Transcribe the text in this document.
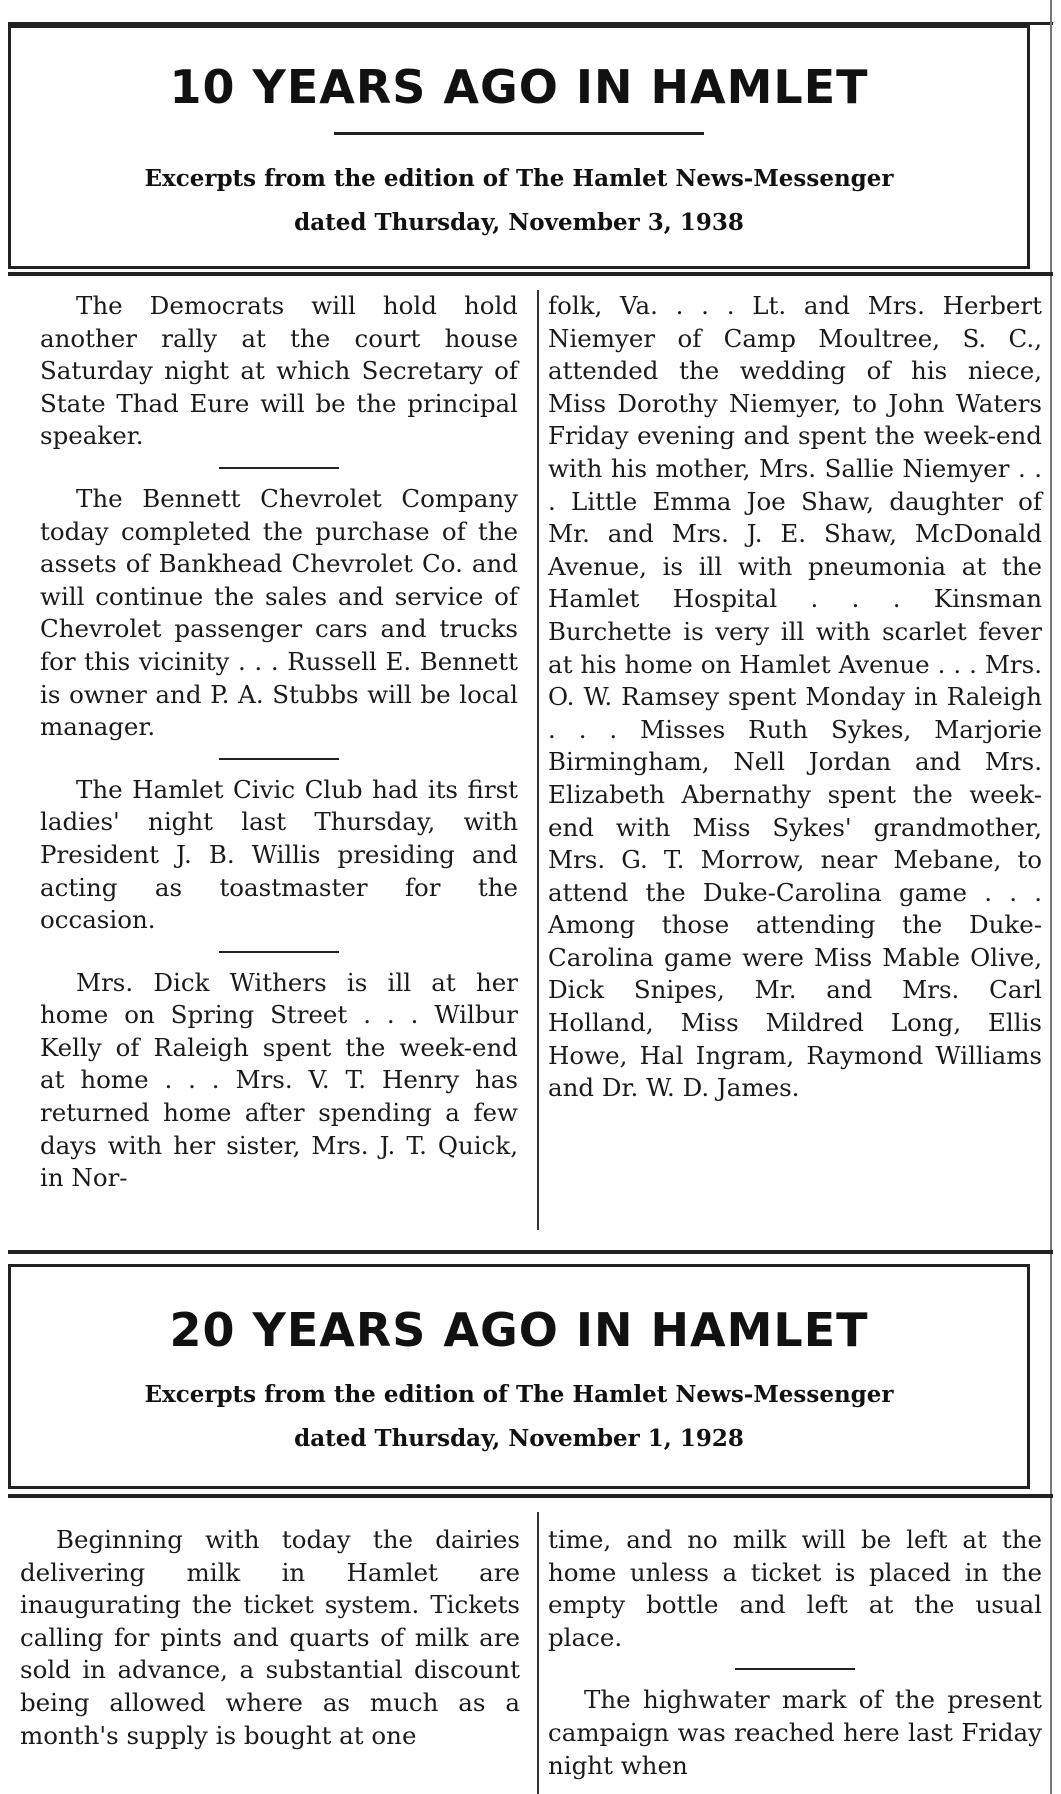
10 YEARS AGO IN HAMLET

Excerpts from the edition of The Hamlet News-Messenger

dated Thursday, November 3, 1938

The Democrats will hold hold another rally at the court house Saturday night at which Secretary of State Thad Eure will be the principal speaker.

The Bennett Chevrolet Company today completed the purchase of the assets of Bankhead Chevrolet Co. and will continue the sales and service of Chevrolet passenger cars and trucks for this vicinity . . . Russell E. Bennett is owner and P. A. Stubbs will be local manager.

The Hamlet Civic Club had its first ladies' night last Thursday, with President J. B. Willis presiding and acting as toastmaster for the occasion.

Mrs. Dick Withers is ill at her home on Spring Street . . . Wilbur Kelly of Raleigh spent the week-end at home . . . Mrs. V. T. Henry has returned home after spending a few days with her sister, Mrs. J. T. Quick, in Nor-

folk, Va. . . . Lt. and Mrs. Herbert Niemyer of Camp Moultree, S. C., attended the wedding of his niece, Miss Dorothy Niemyer, to John Waters Friday evening and spent the week-end with his mother, Mrs. Sallie Niemyer . . . Little Emma Joe Shaw, daughter of Mr. and Mrs. J. E. Shaw, McDonald Avenue, is ill with pneumonia at the Hamlet Hospital . . . Kinsman Burchette is very ill with scarlet fever at his home on Hamlet Avenue . . . Mrs. O. W. Ramsey spent Monday in Raleigh . . . Misses Ruth Sykes, Marjorie Birmingham, Nell Jordan and Mrs. Elizabeth Abernathy spent the week-end with Miss Sykes' grandmother, Mrs. G. T. Morrow, near Mebane, to attend the Duke-Carolina game . . . Among those attending the Duke-Carolina game were Miss Mable Olive, Dick Snipes, Mr. and Mrs. Carl Holland, Miss Mildred Long, Ellis Howe, Hal Ingram, Raymond Williams and Dr. W. D. James.

20 YEARS AGO IN HAMLET

Excerpts from the edition of The Hamlet News-Messenger

dated Thursday, November 1, 1928

Beginning with today the dairies delivering milk in Hamlet are inaugurating the ticket system. Tickets calling for pints and quarts of milk are sold in advance, a substantial discount being allowed where as much as a month's supply is bought at one

time, and no milk will be left at the home unless a ticket is placed in the empty bottle and left at the usual place.

The highwater mark of the present campaign was reached here last Friday night when
